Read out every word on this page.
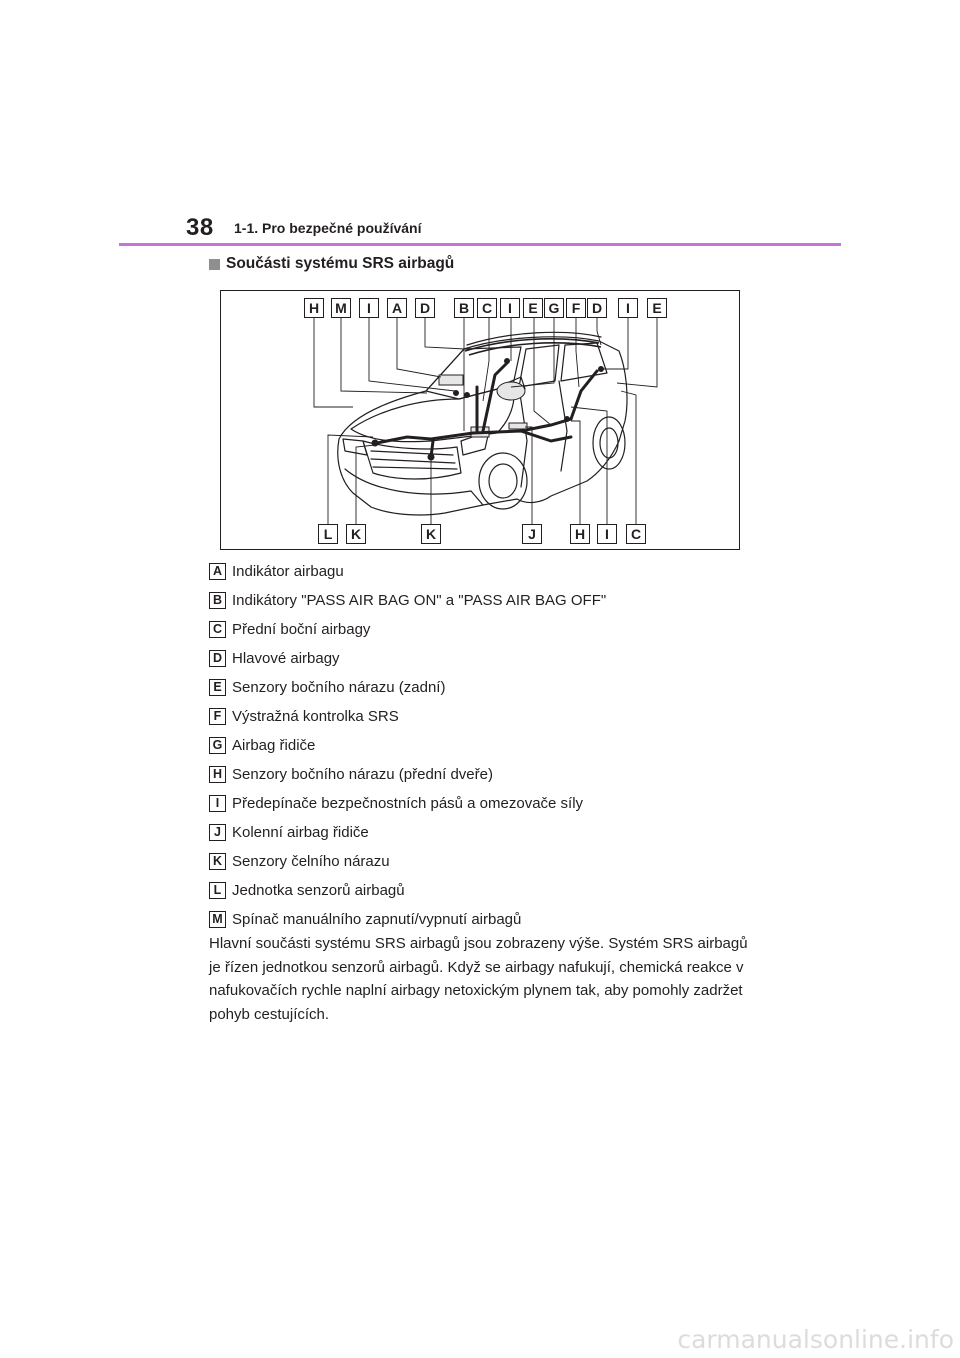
38 1-1. Pro bezpečné používání
Součásti systému SRS airbagů
H	M	I	A	D	B C	I	E G F D	I	E
L	K	K	J	H	I	C
A Indikátor airbagu
B Indikátory "PASS AIR BAG ON" a "PASS AIR BAG OFF"
C Přední boční airbagy
D Hlavové airbagy
E Senzory bočního nárazu (zadní)
F Výstražná kontrolka SRS
G Airbag řidiče
H Senzory bočního nárazu (přední dveře)
I Předepínače bezpečnostních pásů a omezovače síly
J Kolenní airbag řidiče
K Senzory čelního nárazu
L Jednotka senzorů airbagů
M Spínač manuálního zapnutí/vypnutí airbagů

Hlavní součásti systému SRS airbagů jsou zobrazeny výše. Systém SRS airbagů je řízen jednotkou senzorů airbagů. Když se airbagy nafukují, chemická reakce v nafukovačích rychle naplní airbagy netoxickým plynem tak, aby pomohly zadržet pohyb cestujících.

carmanualsonline.info
